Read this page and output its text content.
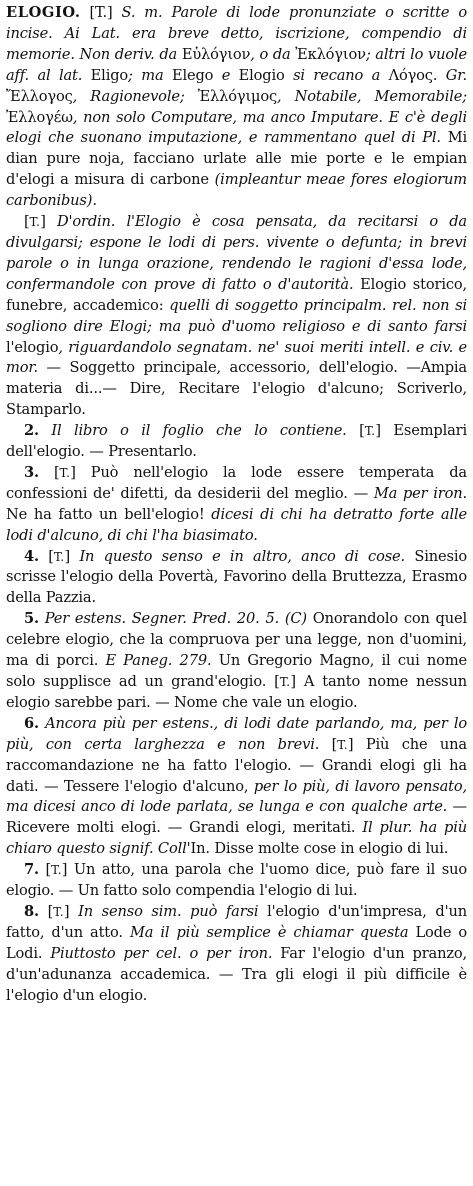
ELOGIO. [T.] S. m. Parole di lode pronunziate o scritte o incise. Ai Lat. era breve detto, iscrizione, compendio di memorie. Non deriv. da Εὐλόγιον, o da Ἐκλόγιον; altri lo vuole aff. al lat. Eligo; ma Elego e Elogio si recano a Λόγος. Gr. Ἔλλογος, Ragionevole; Ἐλλόγιμος, Notabile, Memorabile; Ἐλλογέω, non solo Computare, ma anco Imputare. E c'è degli elogi che suonano imputazione, e rammentano quel di Pl. Mi dian pure noja, facciano urlate alle mie porte e le empian d'elogi a misura di carbone (impleantur meae fores elogiorum carbonibus).

[T.] D'ordin. l'Elogio è cosa pensata, da recitarsi o da divulgarsi; espone le lodi di pers. vivente o defunta; in brevi parole o in lunga orazione, rendendo le ragioni d'essa lode, confermandole con prove di fatto o d'autorità. Elogio storico, funebre, accademico: quelli di soggetto principalm. rel. non si sogliono dire Elogi; ma può d'uomo religioso e di santo farsi l'elogio, riguardandolo segnatam. ne' suoi meriti intell. e civ. e mor. — Soggetto principale, accessorio, dell'elogio. —Ampia materia di...— Dire, Recitare l'elogio d'alcuno; Scriverlo, Stamparlo.

2. Il libro o il foglio che lo contiene. [T.] Esemplari dell'elogio. — Presentarlo.

3. [T.] Può nell'elogio la lode essere temperata da confessioni de' difetti, da desiderii del meglio. — Ma per iron. Ne ha fatto un bell'elogio! dicesi di chi ha detratto forte alle lodi d'alcuno, di chi l'ha biasimato.

4. [T.] In questo senso e in altro, anco di cose. Sinesio scrisse l'elogio della Povertà, Favorino della Bruttezza, Erasmo della Pazzia.

5. Per estens. Segner. Pred. 20. 5. (C) Onorandolo con quel celebre elogio, che la compruova per una legge, non d'uomini, ma di porci. E Paneg. 279. Un Gregorio Magno, il cui nome solo supplisce ad un grand'elogio. [T.] A tanto nome nessun elogio sarebbe pari. — Nome che vale un elogio.

6. Ancora più per estens., di lodi date parlando, ma, per lo più, con certa larghezza e non brevi. [T.] Più che una raccomandazione ne ha fatto l'elogio. — Grandi elogi gli ha dati. — Tessere l'elogio d'alcuno, per lo più, di lavoro pensato, ma dicesi anco di lode parlata, se lunga e con qualche arte. — Ricevere molti elogi. — Grandi elogi, meritati. Il plur. ha più chiaro questo signif. Coll'In. Disse molte cose in elogio di lui.

7. [T.] Un atto, una parola che l'uomo dice, può fare il suo elogio. — Un fatto solo compendia l'elogio di lui.

8. [T.] In senso sim. può farsi l'elogio d'un'impresa, d'un fatto, d'un atto. Ma il più semplice è chiamar questa Lode o Lodi. Piuttosto per cel. o per iron. Far l'elogio d'un pranzo, d'un'adunanza accademica. — Tra gli elogi il più difficile è l'elogio d'un elogio.
